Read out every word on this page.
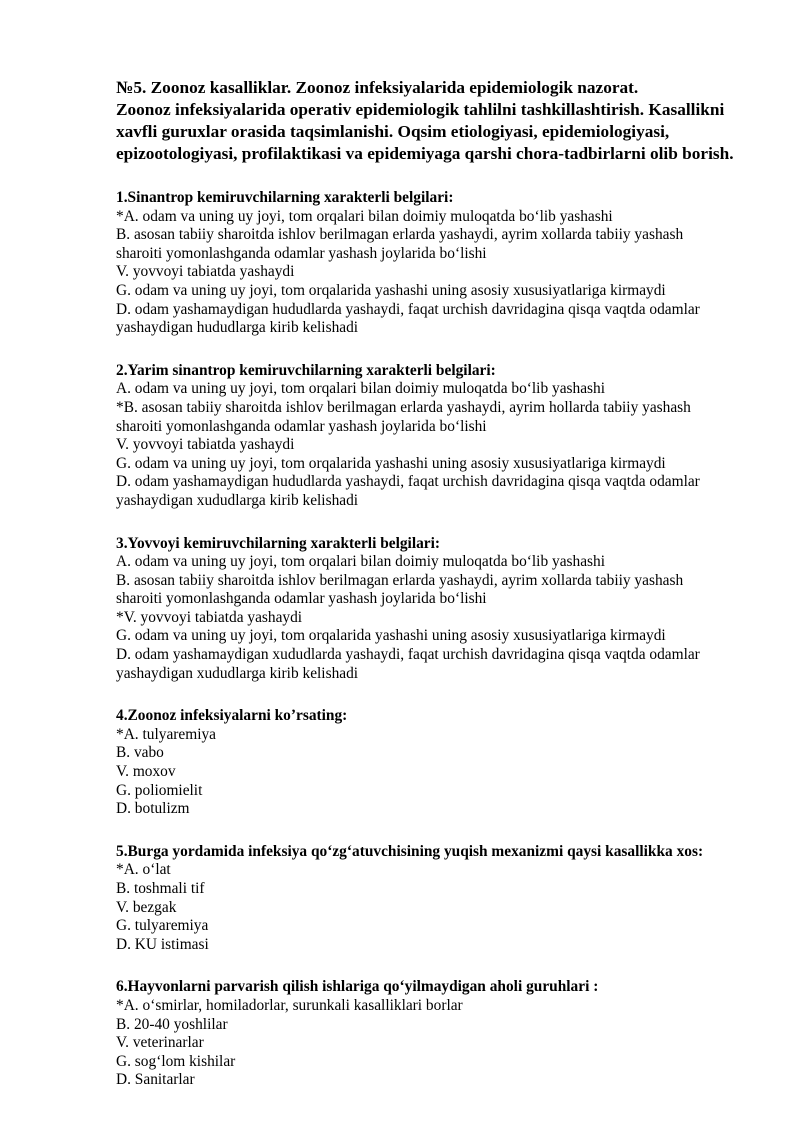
№5. Zoonoz kasalliklar. Zoonoz infeksiyalarida epidemiologik nazorat.
Zoonoz infeksiyalarida operativ epidemiologik tahlilni tashkillashtirish. Kasallikni
xavfli guruxlar orasida taqsimlanishi. Oqsim etiologiyasi, epidemiologiyasi,
epizootologiyasi, profilaktikasi va epidemiyaga qarshi chora-tadbirlarni olib borish.
1.Sinantrop kemiruvchilarning xarakterli belgilari:
*A. odam va uning uy joyi, tom orqalari bilan doimiy muloqatda bo‘lib yashashi
B. asosan tabiiy sharoitda ishlov berilmagan erlarda yashaydi, ayrim xollarda tabiiy yashash
sharoiti yomonlashganda odamlar yashash joylarida bo‘lishi
V. yovvoyi tabiatda yashaydi
G. odam va uning uy joyi, tom orqalarida yashashi uning asosiy xususiyatlariga kirmaydi
D. odam yashamaydigan hududlarda yashaydi, faqat urchish davridagina qisqa vaqtda odamlar
yashaydigan hududlarga kirib kelishadi
2.Yarim sinantrop kemiruvchilarning xarakterli belgilari:
A. odam va uning uy joyi, tom orqalari bilan doimiy muloqatda bo‘lib yashashi
*B. asosan tabiiy sharoitda ishlov berilmagan erlarda yashaydi, ayrim hollarda tabiiy yashash
sharoiti yomonlashganda odamlar yashash joylarida bo‘lishi
V. yovvoyi tabiatda yashaydi
G. odam va uning uy joyi, tom orqalarida yashashi uning asosiy xususiyatlariga kirmaydi
D. odam yashamaydigan hududlarda yashaydi, faqat urchish davridagina qisqa vaqtda odamlar
yashaydigan xududlarga kirib kelishadi
3.Yovvoyi kemiruvchilarning xarakterli belgilari:
A. odam va uning uy joyi, tom orqalari bilan doimiy muloqatda bo‘lib yashashi
B. asosan tabiiy sharoitda ishlov berilmagan erlarda yashaydi, ayrim xollarda tabiiy yashash
sharoiti yomonlashganda odamlar yashash joylarida bo‘lishi
*V. yovvoyi tabiatda yashaydi
G. odam va uning uy joyi, tom orqalarida yashashi uning asosiy xususiyatlariga kirmaydi
D. odam yashamaydigan xududlarda yashaydi, faqat urchish davridagina qisqa vaqtda odamlar
yashaydigan xududlarga kirib kelishadi
4.Zoonoz infeksiyalarni ko’rsating:
*A. tulyaremiya
B. vabo
V. moxov
G. poliomielit
D. botulizm
5.Burga yordamida infeksiya qo‘zg‘atuvchisining yuqish mexanizmi qaysi kasallikka xos:
*A. o‘lat
B. toshmali tif
V. bezgak
G. tulyaremiya
D. KU istimasi
6.Hayvonlarni parvarish qilish ishlariga qo‘yilmaydigan aholi guruhlari :
*A. o‘smirlar, homiladorlar, surunkali kasalliklari borlar
B. 20-40 yoshlilar
V. veterinarlar
G. sog‘lom kishilar
D. Sanitarlar
